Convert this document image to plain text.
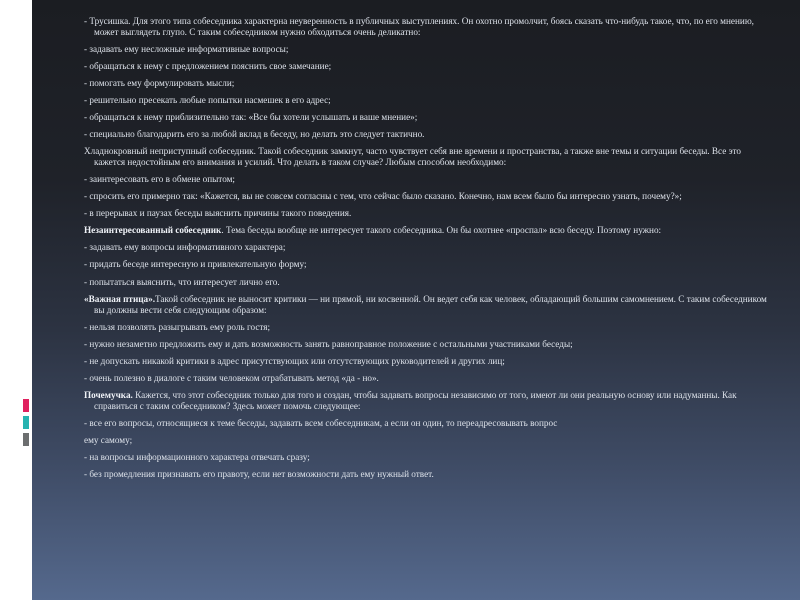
- Трусишка. Для этого типа собеседника характерна неуверенность в публичных выступлениях. Он охотно промолчит, боясь сказать что-нибудь такое, что, по его мнению, может выглядеть глупо. С таким собеседником нужно обходиться очень деликатно:

- задавать ему несложные информативные вопросы;

- обращаться к нему с предложением пояснить свое замечание;

- помогать ему формулировать мысли;

- решительно пресекать любые попытки насмешек в его адрес;

- обращаться к нему приблизительно так: «Все бы хотели услышать и ваше мнение»;

- специально благодарить его за любой вклад в беседу, но делать это следует тактично.

Хладнокровный неприступный собеседник. Такой собеседник замкнут, часто чувствует себя вне времени и пространства, а также вне темы и ситуации беседы. Все это кажется недостойным его внимания и усилий. Что делать в таком случае? Любым способом необходимо:

- заинтересовать его в обмене опытом;

- спросить его примерно так: «Кажется, вы не совсем согласны с тем, что сейчас было сказано. Конечно, нам всем было бы интересно узнать, почему?»;

- в перерывах и паузах беседы выяснить причины такого поведения.

Незаинтересованный собеседник. Тема беседы вообще не интересует такого собеседника. Он бы охотнее «проспал» всю беседу. Поэтому нужно:

- задавать ему вопросы информативного характера;

- придать беседе интересную и привлекательную форму;

- попытаться выяснить, что интересует лично его.

«Важная птица».Такой собеседник не выносит критики — ни прямой, ни косвенной. Он ведет себя как человек, обладающий большим самомнением. С таким собеседником вы должны вести себя следующим образом:

- нельзя позволять разыгрывать ему роль гостя;

- нужно незаметно предложить ему и дать возможность занять равноправное положение с остальными участниками беседы;

- не допускать никакой критики в адрес присутствующих или отсутствующих руководителей и других лиц;

- очень полезно в диалоге с таким человеком отрабатывать метод «да - но».

Почемучка. Кажется, что этот собеседник только для того и создан, чтобы задавать вопросы независимо от того, имеют ли они реальную основу или надуманны. Как справиться с таким собеседником? Здесь может помочь следующее:

- все его вопросы, относящиеся к теме беседы, задавать всем собеседникам, а если он один, то переадресовывать вопрос

ему самому;

- на вопросы информационного характера отвечать сразу;

- без промедления признавать его правоту, если нет возможности дать ему нужный ответ.
